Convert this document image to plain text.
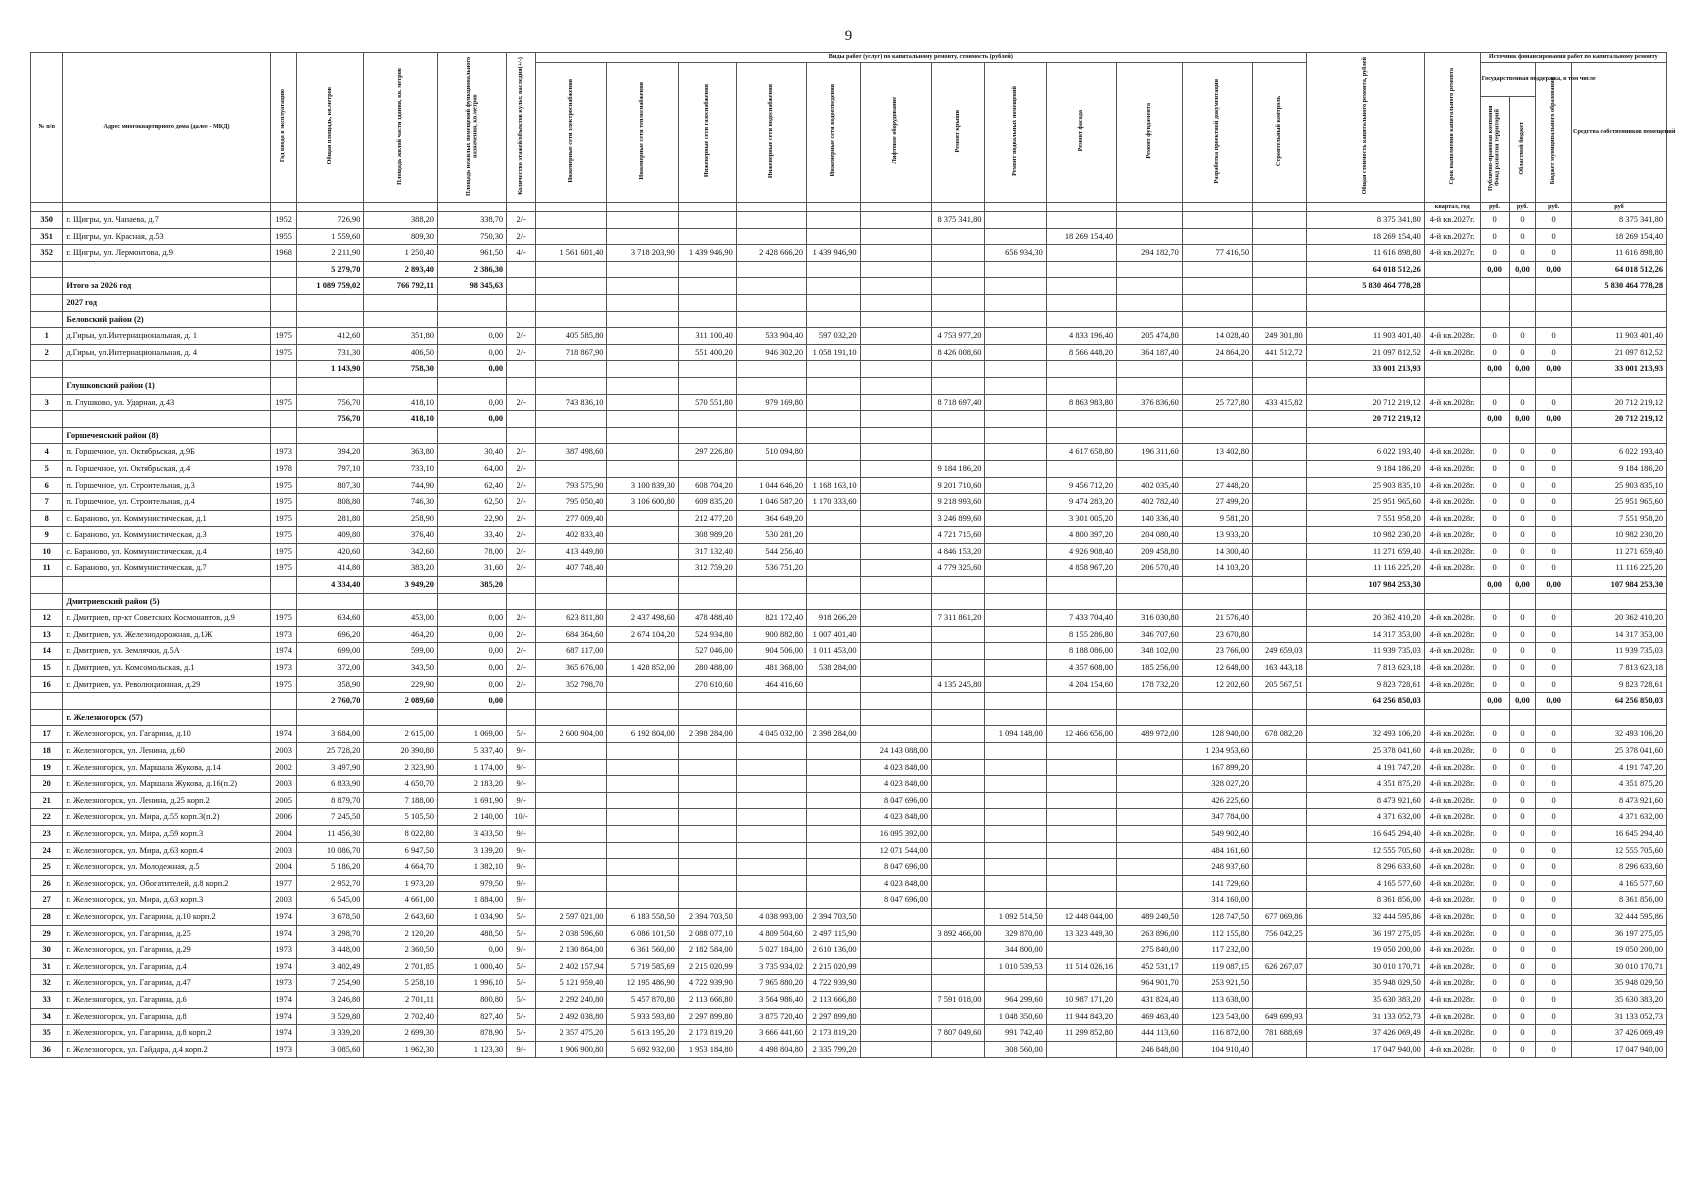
9
№ п/п	Адрес многоквартирного дома (далее - МКД)	Год ввода в эксплуатацию	Общая площадь, кв.метров	Площадь жилой части здания, кв. метров	Площадь нежилых помещений функционального назначения, кв.метров	Количество этажей/объектов культ. наследия(+/-)	Виды работ (услуг) по капитальному ремонту, стоимость (рублей)												Общая стоимость капитального ремонта, рублей	Срок выполнения капитального ремонта	Источник финансирования работ по капитальному ремонту			
							Инженерные сети электроснабжения	Инженерные сети теплоснабжения	Инженерные сети газоснабжения	Инженерные сети водоснабжения	Инженерные сети водоотведения	Лифтовое оборудование	Ремонт крыши	Ремонт подвальных помещений	Ремонт фасада	Ремонт фундамента	Разработка проектной документации	Строительный контроль			Государственная поддержка, в том числе		Бюджет муниципального образования	Средства собственников помещений
																					Публично-правовая компания Фонд развития территорий	Областной бюджет		
																				квартал, год	руб.	руб.	руб.	руб
350	г. Щигры, ул. Чапаева, д.7	1952	726,90	388,20	338,70	2/-							8 375 341,80						8 375 341,80	4-й кв.2027г.	0	0	0	8 375 341,80
351	г. Щигры, ул. Красная, д.53	1955	1 559,60	809,30	750,30	2/-									18 269 154,40				18 269 154,40	4-й кв.2027г.	0	0	0	18 269 154,40
352	г. Щигры, ул. Лермонтова, д.9	1968	2 211,90	1 250,40	961,50	4/-	1 561 601,40	3 718 203,90	1 439 946,90	2 428 666,20	1 439 946,90			656 934,30		294 182,70	77 416,50		11 616 898,80	4-й кв.2027г.	0	0	0	11 616 898,80
			5 279,70	2 893,40	2 386,30														64 018 512,26		0,00	0,00	0,00	64 018 512,26
	Итого за 2026 год		1 089 759,02	766 792,11	98 345,63														5 830 464 778,28					5 830 464 778,28
	2027 год																							
	Беловский район (2)																							
1	д.Гирьи, ул.Интернациональная, д. 1	1975	412,60	351,80	0,00	2/-	405 585,80		311 100,40	533 904,40	597 032,20		4 753 977,20		4 833 196,40	205 474,80	14 028,40	249 301,80	11 903 401,40	4-й кв.2028г.	0	0	0	11 903 401,40
2	д.Гирьи, ул.Интернациональная, д. 4	1975	731,30	406,50	0,00	2/-	718 867,90		551 400,20	946 302,20	1 058 191,10		8 426 008,60		8 566 448,20	364 187,40	24 864,20	441 512,72	21 097 812,52	4-й кв.2028г.	0	0	0	21 097 812,52
			1 143,90	758,30	0,00														33 001 213,93		0,00	0,00	0,00	33 001 213,93
	Глушковский район (1)																							
3	п. Глушково, ул. Ударная, д.43	1975	756,70	418,10	0,00	2/-	743 836,10		570 551,80	979 169,80			8 718 697,40		8 863 983,80	376 836,60	25 727,80	433 415,82	20 712 219,12	4-й кв.2028г.	0	0	0	20 712 219,12
			756,70	418,10	0,00														20 712 219,12		0,00	0,00	0,00	20 712 219,12
	Горшеченский район (8)																							
4	п. Горшечное, ул. Октябрьская, д.9Б	1973	394,20	363,80	30,40	2/-	387 498,60		297 226,80	510 094,80					4 617 658,80	196 311,60	13 402,80		6 022 193,40	4-й кв.2028г.	0	0	0	6 022 193,40
5	п. Горшечное, ул. Октябрьская, д.4	1978	797,10	733,10	64,00	2/-							9 184 186,20						9 184 186,20	4-й кв.2028г.	0	0	0	9 184 186,20
6	п. Горшечное, ул. Строительная, д.3	1975	807,30	744,90	62,40	2/-	793 575,90	3 100 839,30	608 704,20	1 044 646,20	1 168 163,10		9 201 710,60		9 456 712,20	402 035,40	27 448,20		25 903 835,10	4-й кв.2028г.	0	0	0	25 903 835,10
7	п. Горшечное, ул. Строительная, д.4	1975	808,80	746,30	62,50	2/-	795 050,40	3 106 600,80	609 835,20	1 046 587,20	1 170 333,60		9 218 993,60		9 474 283,20	402 782,40	27 499,20		25 951 965,60	4-й кв.2028г.	0	0	0	25 951 965,60
8	с. Бараново, ул. Коммунистическая, д.1	1975	281,80	258,90	22,90	2/-	277 009,40		212 477,20	364 649,20			3 246 899,60		3 301 005,20	140 336,40	9 581,20		7 551 958,20	4-й кв.2028г.	0	0	0	7 551 958,20
9	с. Бараново, ул. Коммунистическая, д.3	1975	409,80	376,40	33,40	2/-	402 833,40		308 989,20	530 281,20			4 721 715,60		4 800 397,20	204 080,40	13 933,20		10 982 230,20	4-й кв.2028г.	0	0	0	10 982 230,20
10	с. Бараново, ул. Коммунистическая, д.4	1975	420,60	342,60	78,00	2/-	413 449,80		317 132,40	544 256,40			4 846 153,20		4 926 908,40	209 458,80	14 300,40		11 271 659,40	4-й кв.2028г.	0	0	0	11 271 659,40
11	с. Бараново, ул. Коммунистическая, д.7	1975	414,80	383,20	31,60	2/-	407 748,40		312 759,20	536 751,20			4 779 325,60		4 858 967,20	206 570,40	14 103,20		11 116 225,20	4-й кв.2028г.	0	0	0	11 116 225,20
			4 334,40	3 949,20	385,20														107 984 253,30		0,00	0,00	0,00	107 984 253,30
	Дмитриевский район (5)																							
12	г. Дмитриев, пр-кт Советских Космонавтов, д.9	1975	634,60	453,00	0,00	2/-	623 811,80	2 437 498,60	478 488,40	821 172,40	918 266,20		7 311 861,20		7 433 704,40	316 030,80	21 576,40		20 362 410,20	4-й кв.2028г.	0	0	0	20 362 410,20
13	г. Дмитриев, ул. Железнодорожная, д.1Ж	1973	696,20	464,20	0,00	2/-	684 364,60	2 674 104,20	524 934,80	900 882,80	1 007 401,40				8 155 286,80	346 707,60	23 670,80		14 317 353,00	4-й кв.2028г.	0	0	0	14 317 353,00
14	г. Дмитриев, ул. Землячки, д.5А	1974	699,00	599,00	0,00	2/-	687 117,00		527 046,00	904 506,00	1 011 453,00				8 188 086,00	348 102,00	23 766,00	249 659,03	11 939 735,03	4-й кв.2028г.	0	0	0	11 939 735,03
15	г. Дмитриев, ул. Комсомольская, д.1	1973	372,00	343,50	0,00	2/-	365 676,00	1 428 852,00	280 488,00	481 368,00	538 284,00				4 357 608,00	185 256,00	12 648,00	163 443,18	7 813 623,18	4-й кв.2028г.	0	0	0	7 813 623,18
16	г. Дмитриев, ул. Революционная, д.29	1975	358,90	229,90	0,00	2/-	352 798,70		270 610,60	464 416,60			4 135 245,80		4 204 154,60	178 732,20	12 202,60	205 567,51	9 823 728,61	4-й кв.2028г.	0	0	0	9 823 728,61
			2 760,70	2 089,60	0,00														64 256 850,03		0,00	0,00	0,00	64 256 850,03
	г. Железногорск (57)																							
17	г. Железногорск, ул. Гагарина, д.10	1974	3 684,00	2 615,00	1 069,00	5/-	2 600 904,00	6 192 804,00	2 398 284,00	4 045 032,00	2 398 284,00			1 094 148,00	12 466 656,00	489 972,00	128 940,00	678 082,20	32 493 106,20	4-й кв.2028г.	0	0	0	32 493 106,20
18	г. Железногорск, ул. Ленина, д.60	2003	25 728,20	20 390,80	5 337,40	9/-						24 143 088,00					1 234 953,60		25 378 041,60	4-й кв.2028г.	0	0	0	25 378 041,60
19	г. Железногорск, ул. Маршала Жукова, д.14	2002	3 497,90	2 323,90	1 174,00	9/-						4 023 848,00					167 899,20		4 191 747,20	4-й кв.2028г.	0	0	0	4 191 747,20
20	г. Железногорск, ул. Маршала Жукова, д.16(п.2)	2003	6 833,90	4 650,70	2 183,20	9/-						4 023 848,00					328 027,20		4 351 875,20	4-й кв.2028г.	0	0	0	4 351 875,20
21	г. Железногорск, ул. Ленина, д.25 корп.2	2005	8 879,70	7 188,00	1 691,90	9/-						8 047 696,00					426 225,60		8 473 921,60	4-й кв.2028г.	0	0	0	8 473 921,60
22	г. Железногорск, ул. Мира, д.55 корп.3(п.2)	2006	7 245,50	5 105,50	2 140,00	10/-						4 023 848,00					347 784,00		4 371 632,00	4-й кв.2028г.	0	0	0	4 371 632,00
23	г. Железногорск, ул. Мира, д.59 корп.3	2004	11 456,30	8 022,80	3 433,50	9/-						16 095 392,00					549 902,40		16 645 294,40	4-й кв.2028г.	0	0	0	16 645 294,40
24	г. Железногорск, ул. Мира, д.63 корп.4	2003	10 086,70	6 947,50	3 139,20	9/-						12 071 544,00					484 161,60		12 555 705,60	4-й кв.2028г.	0	0	0	12 555 705,60
25	г. Железногорск, ул. Молодежная, д.5	2004	5 186,20	4 664,70	1 382,10	9/-						8 047 696,00					248 937,60		8 296 633,60	4-й кв.2028г.	0	0	0	8 296 633,60
26	г. Железногорск, ул. Обогатителей, д.8 корп.2	1977	2 952,70	1 973,20	979,50	9/-						4 023 848,00					141 729,60		4 165 577,60	4-й кв.2028г.	0	0	0	4 165 577,60
27	г. Железногорск, ул. Мира, д.63 корп.3	2003	6 545,00	4 661,00	1 884,00	9/-						8 047 696,00					314 160,00		8 361 856,00	4-й кв.2028г.	0	0	0	8 361 856,00
28	г. Железногорск, ул. Гагарина, д.10 корп.2	1974	3 678,50	2 643,60	1 034,90	5/-	2 597 021,00	6 183 558,50	2 394 703,50	4 038 993,00	2 394 703,50			1 092 514,50	12 448 044,00	489 240,50	128 747,50	677 069,86	32 444 595,86	4-й кв.2028г.	0	0	0	32 444 595,86
29	г. Железногорск, ул. Гагарина, д.25	1974	3 298,70	2 120,20	488,50	5/-	2 038 596,60	6 086 101,50	2 088 077,10	4 809 504,60	2 497 115,90		3 892 466,00	329 870,00	13 323 449,30	263 896,00	112 155,80	756 042,25	36 197 275,05	4-й кв.2028г.	0	0	0	36 197 275,05
30	г. Железногорск, ул. Гагарина, д.29	1973	3 448,00	2 360,50	0,00	9/-	2 130 864,00	6 361 560,00	2 182 584,00	5 027 184,00	2 610 136,00			344 800,00		275 840,00	117 232,00		19 050 200,00	4-й кв.2028г.	0	0	0	19 050 200,00
31	г. Железногорск, ул. Гагарина, д.4	1974	3 402,49	2 701,85	1 000,40	5/-	2 402 157,94	5 719 585,69	2 215 020,99	3 735 934,02	2 215 020,99			1 010 539,53	11 514 026,16	452 531,17	119 087,15	626 267,07	30 010 170,71	4-й кв.2028г.	0	0	0	30 010 170,71
32	г. Железногорск, ул. Гагарина, д.47	1973	7 254,90	5 258,10	1 996,10	5/-	5 121 959,40	12 195 486,90	4 722 939,90	7 965 880,20	4 722 939,90					964 901,70	253 921,50		35 948 029,50	4-й кв.2028г.	0	0	0	35 948 029,50
33	г. Железногорск, ул. Гагарина, д.6	1974	3 246,80	2 701,11	800,80	5/-	2 292 240,80	5 457 870,80	2 113 666,80	3 564 986,40	2 113 666,80		7 591 018,00	964 299,60	10 987 171,20	431 824,40	113 638,00		35 630 383,20	4-й кв.2028г.	0	0	0	35 630 383,20
34	г. Железногорск, ул. Гагарина, д.8	1974	3 529,80	2 702,40	827,40	5/-	2 492 038,80	5 933 593,80	2 297 899,80	3 875 720,40	2 297 899,80			1 048 350,60	11 944 843,20	469 463,40	123 543,00	649 699,93	31 133 052,73	4-й кв.2028г.	0	0	0	31 133 052,73
35	г. Железногорск, ул. Гагарина, д.8 корп.2	1974	3 339,20	2 699,30	878,90	5/-	2 357 475,20	5 613 195,20	2 173 819,20	3 666 441,60	2 173 819,20		7 807 049,60	991 742,40	11 299 852,80	444 113,60	116 872,00	781 688,69	37 426 069,49	4-й кв.2028г.	0	0	0	37 426 069,49
36	г. Железногорск, ул. Гайдара, д.4 корп.2	1973	3 085,60	1 962,30	1 123,30	9/-	1 906 900,80	5 692 932,00	1 953 184,80	4 498 804,80	2 335 799,20			308 560,00		246 848,00	104 910,40		17 047 940,00	4-й кв.2028г.	0	0	0	17 047 940,00
